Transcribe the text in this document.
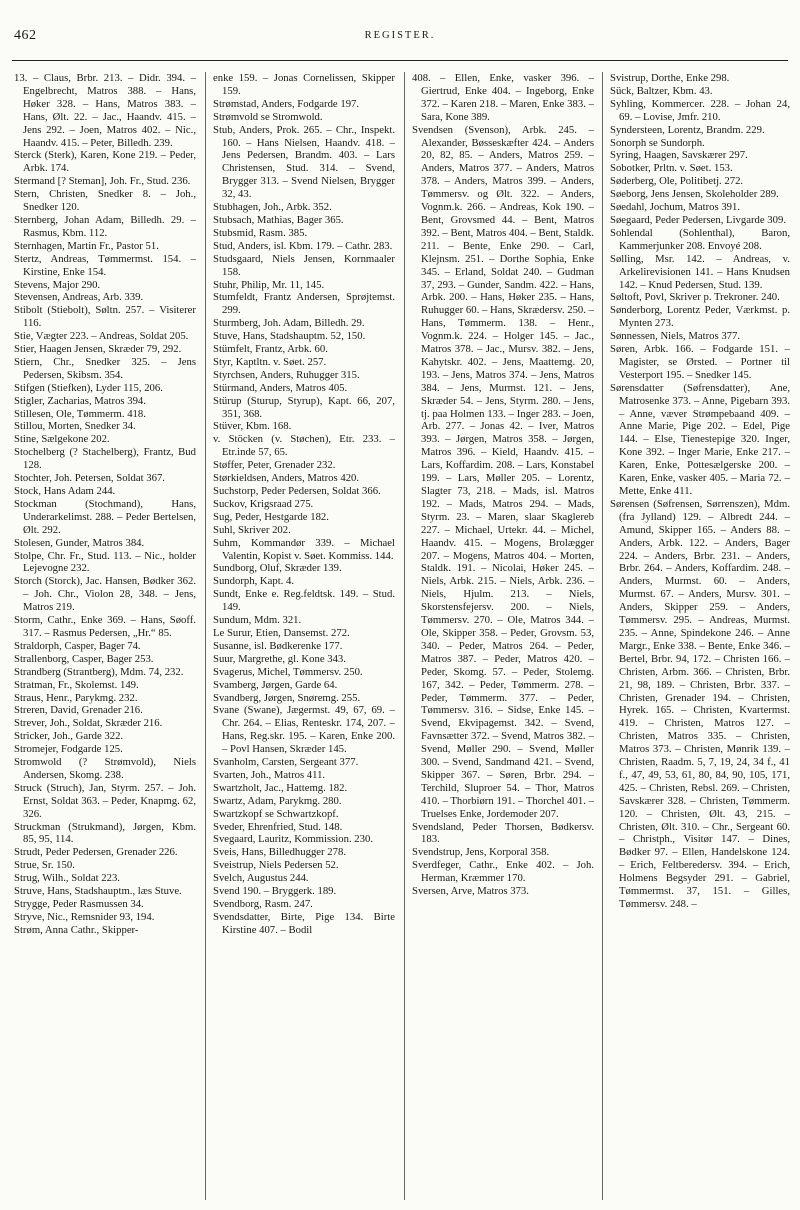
462	REGISTER.

13. – Claus, Brbr. 213. – Didr. 394. – Engelbrecht, Matros 388. – Hans, Høker 328. – Hans, Matros 383. – Hans, Ølt. 22. – Jac., Haandv. 415. – Jens 292. – Joen, Matros 402. – Nic., Haandv. 415. – Peter, Billedh. 239.

Sterck (Sterk), Karen, Kone 219. – Peder, Arbk. 174.

Stermand [? Steman], Joh. Fr., Stud. 236.

Stern, Christen, Snedker 8. – Joh., Snedker 120.

Sternberg, Johan Adam, Billedh. 29. – Rasmus, Kbm. 112.

Sternhagen, Martin Fr., Pastor 51.

Stertz, Andreas, Tømmermst. 154. – Kirstine, Enke 154.

Stevens, Major 290.

Stevensen, Andreas, Arb. 339.

Stibolt (Stiebolt), Søltn. 257. – Visiterer 116.

Stie, Vægter 223. – Andreas, Soldat 205.

Stier, Haagen Jensen, Skræder 79, 292.

Stiern, Chr., Snedker 325. – Jens Pedersen, Skibsm. 354.

Stifgen (Stiefken), Lyder 115, 206.

Stigler, Zacharias, Matros 394.

Stillesen, Ole, Tømmerm. 418.

Stillou, Morten, Snedker 34.

Stine, Sælgekone 202.

Stochelberg (? Stachelberg), Frantz, Bud 128.

Stochter, Joh. Petersen, Soldat 367.

Stock, Hans Adam 244.

Stockman (Stochmand), Hans, Underarkelimst. 288. – Peder Bertelsen, Ølt. 292.

Stolesen, Gunder, Matros 384.

Stolpe, Chr. Fr., Stud. 113. – Nic., holder Lejevogne 232.

Storch (Storck), Jac. Hansen, Bødker 362. – Joh. Chr., Violon 28, 348. – Jens, Matros 219.

Storm, Cathr., Enke 369. – Hans, Søoff. 317. – Rasmus Pedersen, „Hr.“ 85.

Straldorph, Casper, Bager 74.

Strallenborg, Casper, Bager 253.

Strandberg (Strantberg), Mdm. 74, 232.

Stratman, Fr., Skolemst. 149.

Straus, Henr., Parykmg. 232.

Streren, David, Grenader 216.

Strever, Joh., Soldat, Skræder 216.

Stricker, Joh., Garde 322.

Stromejer, Fodgarde 125.

Stromwold (? Strømvold), Niels Andersen, Skomg. 238.

Struck (Struch), Jan, Styrm. 257. – Joh. Ernst, Soldat 363. – Peder, Knapmg. 62, 326.

Struckman (Strukmand), Jørgen, Kbm. 85, 95, 114.

Strudt, Peder Pedersen, Grenader 226.

Strue, Sr. 150.

Strug, Wilh., Soldat 223.

Struve, Hans, Stadshauptm., læs Stuve.

Strygge, Peder Rasmussen 34.

Stryve, Nic., Remsnider 93, 194.

Strøm, Anna Cathr., Skipper-

enke 159. – Jonas Cornelissen, Skipper 159.

Strømstad, Anders, Fodgarde 197.

Strømvold se Stromwold.

Stub, Anders, Prok. 265. – Chr., Inspekt. 160. – Hans Nielsen, Haandv. 418. – Jens Pedersen, Brandm. 403. – Lars Christensen, Stud. 314. – Svend, Brygger 313. – Svend Nielsen, Brygger 32, 43.

Stubhagen, Joh., Arbk. 352.

Stubsach, Mathias, Bager 365.

Stubsmid, Rasm. 385.

Stud, Anders, isl. Kbm. 179. – Cathr. 283.

Studsgaard, Niels Jensen, Kornmaaler 158.

Stuhr, Philip, Mr. 11, 145.

Stumfeldt, Frantz Andersen, Sprøjtemst. 299.

Sturmberg, Joh. Adam, Billedh. 29.

Stuve, Hans, Stadshauptm. 52, 150.

Stümfelt, Frantz, Arbk. 60.

Styr, Kaptltn. v. Søet. 257.

Styrchsen, Anders, Ruhugger 315.

Stürmand, Anders, Matros 405.

Stürup (Sturup, Styrup), Kapt. 66, 207, 351, 368.

Stüver, Kbm. 168.

v. Stöcken (v. Støchen), Etr. 233. – Etr.inde 57, 65.

Støffer, Peter, Grenader 232.

Størkieldsen, Anders, Matros 420.

Suchstorp, Peder Pedersen, Soldat 366.

Suckov, Krigsraad 275.

Sug, Peder, Hestgarde 182.

Suhl, Skriver 202.

Suhm, Kommandør 339. – Michael Valentin, Kopist v. Søet. Kommiss. 144.

Sundborg, Oluf, Skræder 139.

Sundorph, Kapt. 4.

Sundt, Enke e. Reg.feldtsk. 149. – Stud. 149.

Sundum, Mdm. 321.

Le Surur, Etien, Dansemst. 272.

Susanne, isl. Bødkerenke 177.

Suur, Margrethe, gl. Kone 343.

Svagerus, Michel, Tømmersv. 250.

Svamberg, Jørgen, Garde 64.

Svandberg, Jørgen, Snøremg. 255.

Svane (Swane), Jægermst. 49, 67, 69. – Chr. 264. – Elias, Renteskr. 174, 207. – Hans, Reg.skr. 195. – Karen, Enke 200. – Povl Hansen, Skræder 145.

Svanholm, Carsten, Sergeant 377.

Svarten, Joh., Matros 411.

Swartzholt, Jac., Hattemg. 182.

Swartz, Adam, Parykmg. 280.

Swartzkopf se Schwartzkopf.

Sveder, Ehrenfried, Stud. 148.

Svegaard, Lauritz, Kommission. 230.

Sveis, Hans, Billedhugger 278.

Sveistrup, Niels Pedersen 52.

Svelch, Augustus 244.

Svend 190. – Bryggerk. 189.

Svendborg, Rasm. 247.

Svendsdatter, Birte, Pige 134. Birte Kirstine 407. – Bodil

408. – Ellen, Enke, vasker 396. – Giertrud, Enke 404. – Ingeborg, Enke 372. – Karen 218. – Maren, Enke 383. – Sara, Kone 389.

Svendsen (Svenson), Arbk. 245. – Alexander, Bøsseskæfter 424. – Anders 20, 82, 85. – Anders, Matros 259. – Anders, Matros 377. – Anders, Matros 378. – Anders, Matros 399. – Anders, Tømmersv. og Ølt. 322. – Anders, Vognm.k. 266. – Andreas, Kok 190. – Bent, Grovsmed 44. – Bent, Matros 392. – Bent, Matros 404. – Bent, Staldk. 211. – Bente, Enke 290. – Carl, Klejnsm. 251. – Dorthe Sophia, Enke 345. – Erland, Soldat 240. – Gudman 37, 293. – Gunder, Sandm. 422. – Hans, Arbk. 200. – Hans, Høker 235. – Hans, Ruhugger 60. – Hans, Skrædersv. 250. – Hans, Tømmerm. 138. – Henr., Vognm.k. 224. – Holger 145. – Jac., Matros 378. – Jac., Mursv. 382. – Jens, Kahytskr. 402. – Jens, Maattemg. 20, 193. – Jens, Matros 374. – Jens, Matros 384. – Jens, Murmst. 121. – Jens, Skræder 54. – Jens, Styrm. 280. – Jens, tj. paa Holmen 133. – Inger 283. – Joen, Arb. 277. – Jonas 42. – Iver, Matros 393. – Jørgen, Matros 358. – Jørgen, Matros 396. – Kield, Haandv. 415. – Lars, Koffardim. 208. – Lars, Konstabel 199. – Lars, Møller 205. – Lorentz, Slagter 73, 218. – Mads, isl. Matros 192. – Mads, Matros 294. – Mads, Styrm. 23. – Maren, slaar Skaglereb 227. – Michael, Urtekr. 44. – Michel, Haandv. 415. – Mogens, Brolægger 207. – Mogens, Matros 404. – Morten, Staldk. 191. – Nicolai, Høker 245. – Niels, Arbk. 215. – Niels, Arbk. 236. – Niels, Hjulm. 213. – Niels, Skorstensfejersv. 200. – Niels, Tømmersv. 270. – Ole, Matros 344. – Ole, Skipper 358. – Peder, Grovsm. 53, 340. – Peder, Matros 264. – Peder, Matros 387. – Peder, Matros 420. – Peder, Skomg. 57. – Peder, Stolemg. 167, 342. – Peder, Tømmerm. 278. – Peder, Tømmerm. 377. – Peder, Tømmersv. 316. – Sidse, Enke 145. – Svend, Ekvipagemst. 342. – Svend, Favnsætter 372. – Svend, Matros 382. – Svend, Møller 290. – Svend, Møller 300. – Svend, Sandmand 421. – Svend, Skipper 367. – Søren, Brbr. 294. – Terchild, Sluproer 54. – Thor, Matros 410. – Thorbiørn 191. – Thorchel 401. – Truelses Enke, Jordemoder 207.

Svendsland, Peder Thorsen, Bødkersv. 183.

Svendstrup, Jens, Korporal 358.

Sverdfeger, Cathr., Enke 402. – Joh. Herman, Kræmmer 170.

Sversen, Arve, Matros 373.

Svistrup, Dorthe, Enke 298.

Sück, Baltzer, Kbm. 43.

Syhling, Kommercer. 228. – Johan 24, 69. – Lovise, Jmfr. 210.

Syndersteen, Lorentz, Brandm. 229.

Sonorph se Sundorph.

Syring, Haagen, Savskærer 297.

Sobotker, Prltn. v. Søet. 153.

Søderberg, Ole, Politibetj. 272.

Søeborg, Jens Jensen, Skoleholder 289.

Søedahl, Jochum, Matros 391.

Søegaard, Peder Pedersen, Livgarde 309.

Sohlendal (Sohlenthal), Baron, Kammerjunker 208. Envoyé 208.

Sølling, Msr. 142. – Andreas, v. Arkelirevisionen 141. – Hans Knudsen 142. – Knud Pedersen, Stud. 139.

Søltoft, Povl, Skriver p. Trekroner. 240.

Sønderborg, Lorentz Peder, Værkmst. p. Mynten 273.

Sønnessen, Niels, Matros 377.

Søren, Arbk. 166. – Fodgarde 151. – Magister, se Ørsted. – Portner til Vesterport 195. – Snedker 145.

Sørensdatter (Søfrensdatter), Ane, Matrosenke 373. – Anne, Pigebarn 393. – Anne, væver Strømpebaand 409. – Anne Marie, Pige 202. – Edel, Pige 144. – Else, Tienestepige 320. Inger, Kone 392. – Inger Marie, Enke 217. – Karen, Enke, Pottesælgerske 200. – Karen, Enke, vasker 405. – Maria 72. – Mette, Enke 411.

Sørensen (Søfrensen, Sørrenszen), Mdm. (fra Jylland) 129. – Albredt 244. – Amund, Skipper 165. – Anders 88. – Anders, Arbk. 122. – Anders, Bager 224. – Anders, Brbr. 231. – Anders, Brbr. 264. – Anders, Koffardim. 248. – Anders, Murmst. 60. – Anders, Murmst. 67. – Anders, Mursv. 301. – Anders, Skipper 259. – Anders, Tømmersv. 295. – Andreas, Murmst. 235. – Anne, Spindekone 246. – Anne Margr., Enke 338. – Bente, Enke 346. – Bertel, Brbr. 94, 172. – Christen 166. – Christen, Arbm. 366. – Christen, Brbr. 21, 98, 189. – Christen, Brbr. 337. – Christen, Grenader 194. – Christen, Hyrek. 165. – Christen, Kvartermst. 419. – Christen, Matros 127. – Christen, Matros 335. – Christen, Matros 373. – Christen, Mønrik 139. – Christen, Raadm. 5, 7, 19, 24, 34 f., 41 f., 47, 49, 53, 61, 80, 84, 90, 105, 171, 425. – Christen, Rebsl. 269. – Christen, Savskærer 328. – Christen, Tømmerm. 120. – Christen, Ølt. 43, 215. – Christen, Ølt. 310. – Chr., Sergeant 60. – Christph., Visitør 147. – Dines, Bødker 97. – Ellen, Handelskone 124. – Erich, Feltberedersv. 394. – Erich, Holmens Begsyder 291. – Gabriel, Tømmermst. 37, 151. – Gilles, Tømmersv. 248. –
